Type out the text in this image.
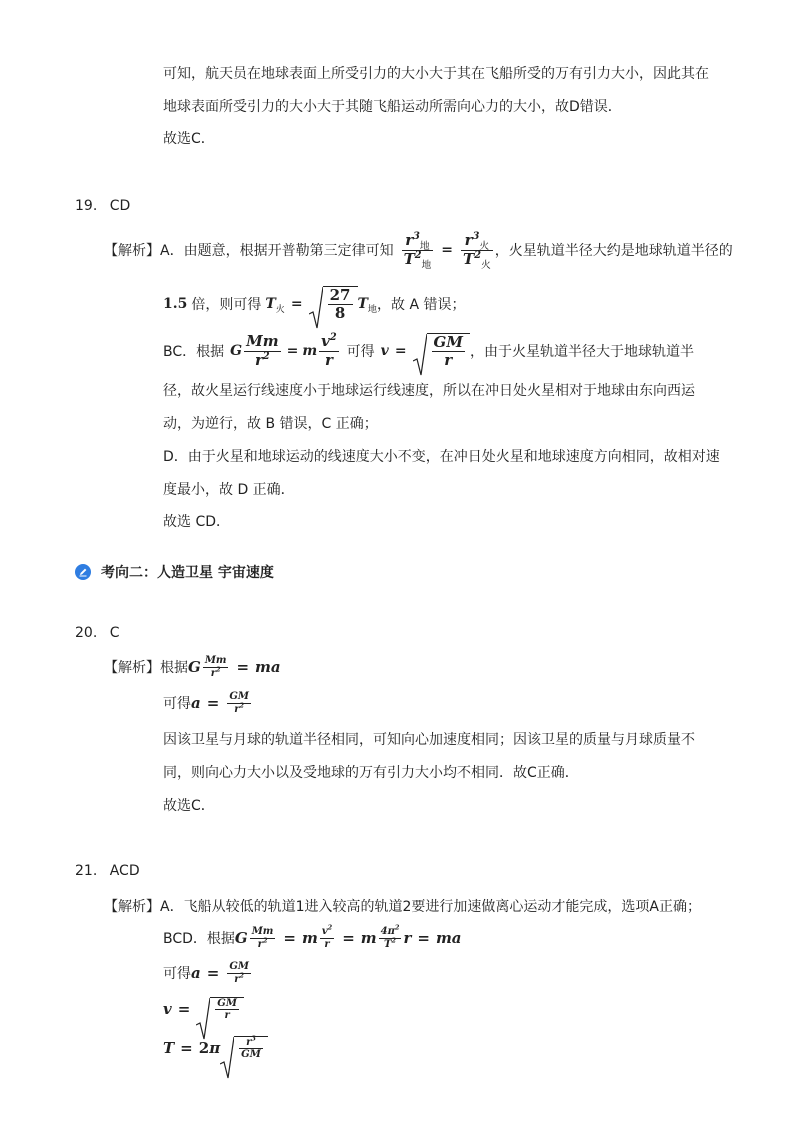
可知，航天员在地球表面上所受引力的大小大于其在飞船所受的万有引力大小，因此其在
地球表面所受引力的大小大于其随飞船运动所需向心力的大小，故D错误．
故选C．
19. CD
【解析】 A．由题意，根据开普勒第三定律可知 $\frac{r^3_地}{T^2_地} = \frac{r^3_火}{T^2_火}$ ，火星轨道半径大约是地球轨道半径的
1.5 倍，则可得 $T_火 = \frac{27}{8} T_地$ ，故 A 错误；
BC．根据 G $\frac{Mm}{r^2} = m \frac{v^2}{r}$ 可得 $v = \frac{GM}{r}$ ，由于火星轨道半径大于地球轨道半
径，故火星运行线速度小于地球运行线速度，所以在冲日处火星相对于地球由东向西运
动，为逆行，故 B 错误，C 正确；
D．由于火星和地球运动的线速度大小不变，在冲日处火星和地球速度方向相同，故相对速
度最小，故 D 正确．
故选 CD．
考向二：人造卫星 宇宙速度
20. C
【解析】 根据 G $\frac{Mm}{r^2}$ = ma
可得 $a = \frac{GM}{r^2}$
因该卫星与月球的轨道半径相同，可知向心加速度相同；因该卫星的质量与月球质量不
同，则向心力大小以及受地球的万有引力大小均不相同．故C正确．
故选C．
21. ACD
【解析】A．飞船从较低的轨道1进入较高的轨道2要进行加速做离心运动才能完成，选项A正确；
BCD．根据 G $\frac{Mm}{r^2} = m \frac{v^2}{r} = m \frac{4\pi^2}{T^2}$ r = ma
可得 $a = \frac{GM}{r^2}$
v =	$\frac{GM}{r}$
T = 2 π $\frac{r^3}{GM}$
